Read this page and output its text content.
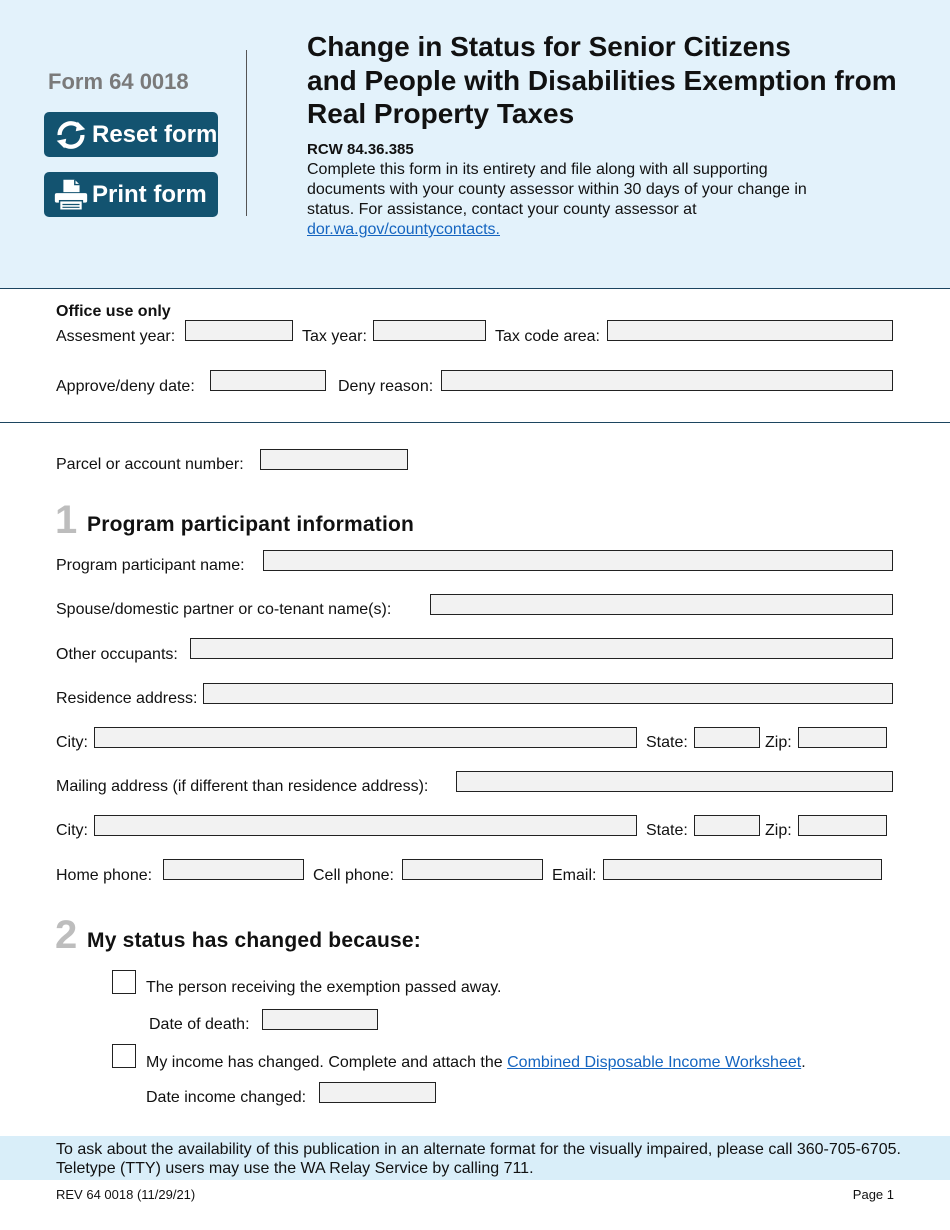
Form 64 0018
Reset form
Print form
Change in Status for Senior Citizens
and People with Disabilities Exemption from
Real Property Taxes
RCW 84.36.385
Complete this form in its entirety and file along with all supporting documents with your county assessor within 30 days of your change in status. For assistance, contact your county assessor at dor.wa.gov/countycontacts.
Office use only
Assesment year:	Tax year:	Tax code area:
Approve/deny date:	Deny reason:
Parcel or account number:
1 Program participant information
Program participant name:
Spouse/domestic partner or co-tenant name(s):
Other occupants:
Residence address:
City:	State:	Zip:
Mailing address (if different than residence address):
City:	State:	Zip:
Home phone:	Cell phone:	Email:
2 My status has changed because:
The person receiving the exemption passed away.
Date of death:
My income has changed. Complete and attach the Combined Disposable Income Worksheet.
Date income changed:
To ask about the availability of this publication in an alternate format for the visually impaired, please call 360-705-6705. Teletype (TTY) users may use the WA Relay Service by calling 711.
REV 64 0018 (11/29/21)	Page 1
